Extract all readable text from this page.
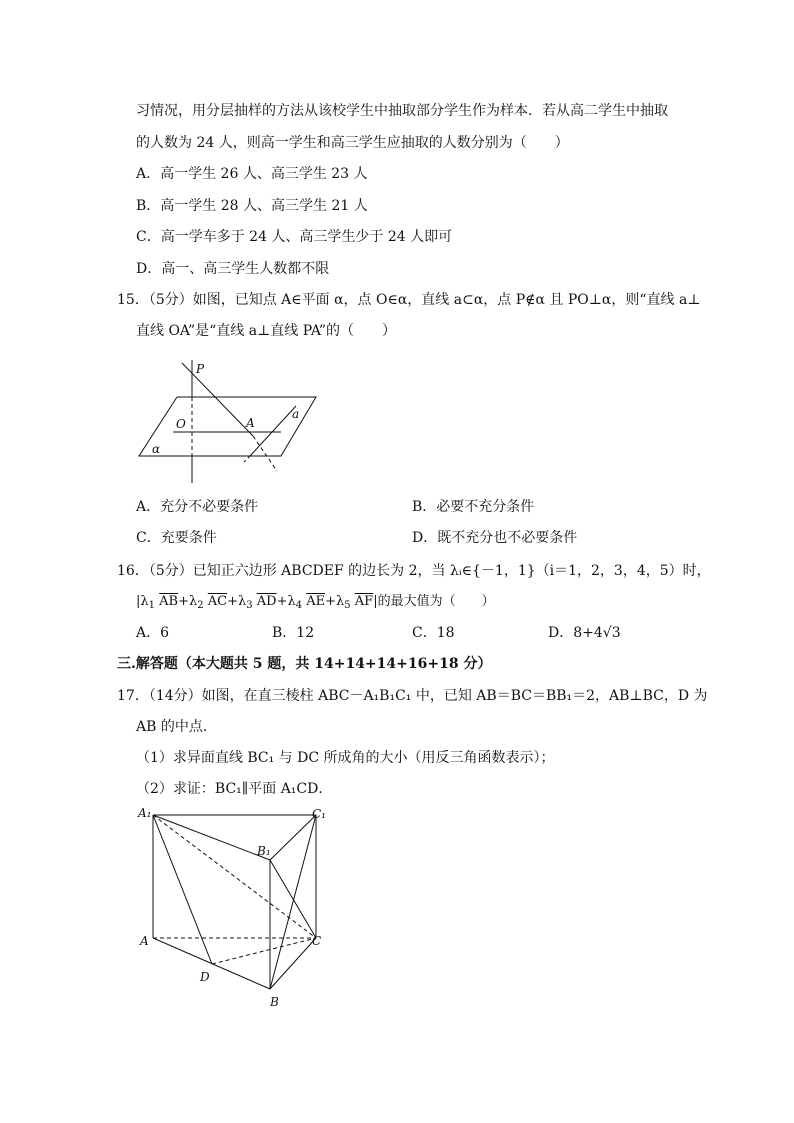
习情况，用分层抽样的方法从该校学生中抽取部分学生作为样本．若从高二学生中抽取
的人数为 24 人，则高一学生和高三学生应抽取的人数分别为（　　）
A．高一学生 26 人、高三学生 23 人
B．高一学生 28 人、高三学生 21 人
C．高一学车多于 24 人、高三学生少于 24 人即可
D．高一、高三学生人数都不限
15．（5分）如图，已知点 A∈平面 α，点 O∈α，直线 a⊂α，点 P∉α 且 PO⊥α，则“直线 a⊥
直线 OA”是“直线 a⊥直线 PA”的（　　）
P
O	A
a
α
A．充分不必要条件	B．必要不充分条件
C．充要条件	D．既不充分也不必要条件
16．（5分）已知正六边形 ABCDEF 的边长为 2，当 λᵢ∈{－1，1}（i＝1，2，3，4，5）时，
$|\lambda_1$ $\overline{AB}+\lambda_2$ $\overline{AC}+\lambda_3$ $\overline{AD}+\lambda_4$ $\overline{AE}+\lambda_5$ $\overline{AF}|$的最大值为（　　）
A．6	B．12	C．18	D．8+4√3
三.解答题（本大题共 5 题，共 14+14+14+16+18 分）
17．（14分）如图，在直三棱柱 ABC－A₁B₁C₁ 中，已知 AB＝BC＝BB₁＝2，AB⊥BC，D 为
AB 的中点．
（1）求异面直线 BC₁ 与 DC 所成角的大小（用反三角函数表示）；
（2）求证：BC₁∥平面 A₁CD．
A₁	C₁
B₁
A	C
D
B
